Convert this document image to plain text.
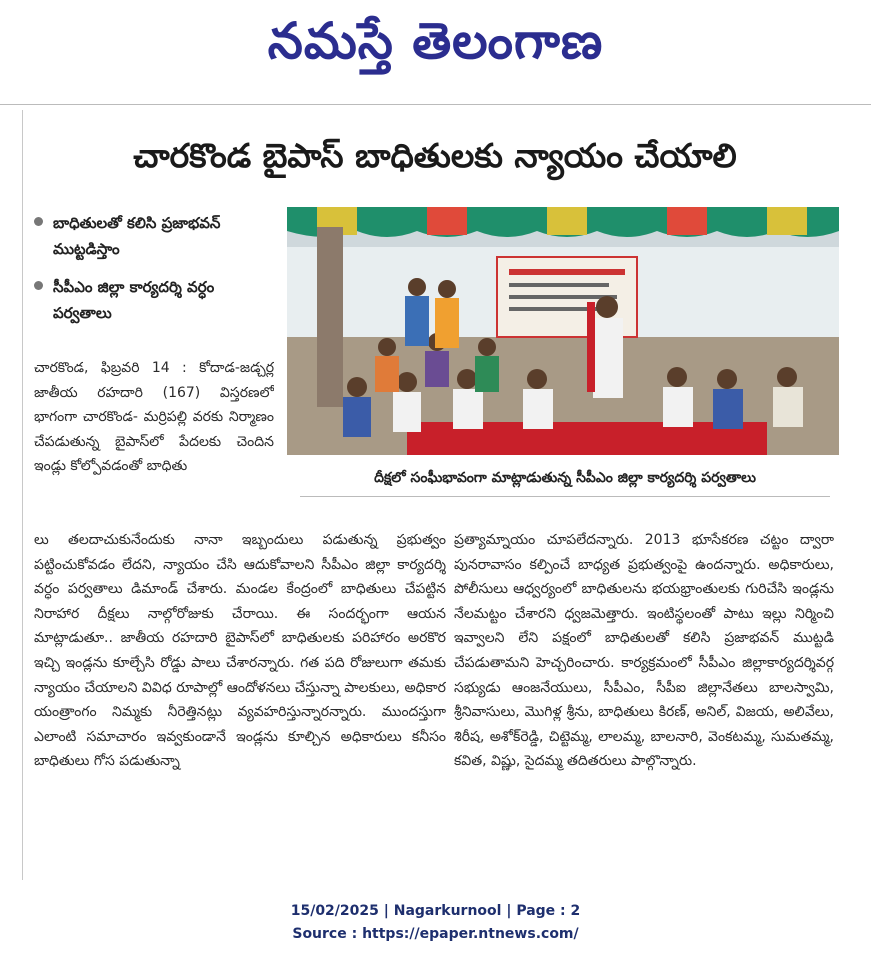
నమస్తే తెలంగాణ
చారకొండ బైపాస్ బాధితులకు న్యాయం చేయాలి
బాధితులతో కలిసి ప్రజాభవన్ ముట్టడిస్తాం
సీపీఎం జిల్లా కార్యదర్శి వర్ధం పర్వతాలు
చారకొండ, ఫిబ్రవరి 14 : కోదాడ-జడ్చర్ల జాతీయ రహదారి (167) విస్తరణలో భాగంగా చారకొండ- మర్రిపల్లి వరకు నిర్మాణం చేపడుతున్న బైపాస్‌లో పేదలకు చెందిన ఇండ్లు కోల్పోవడంతో బాధితు
లు తలదాచుకునేందుకు నానా ఇబ్బందులు పడుతున్న ప్రభుత్వం పట్టించుకోవడం లేదని, న్యాయం చేసి ఆదుకోవాలని సీపీఎం జిల్లా కార్యదర్శి వర్ధం పర్వతాలు డిమాండ్ చేశారు. మండల కేంద్రంలో బాధితులు చేపట్టిన నిరాహార దీక్షలు నాల్గోరోజుకు చేరాయి. ఈ సందర్భంగా ఆయన మాట్లాడుతూ.. జాతీయ రహదారి బైపాస్‌లో బాధితులకు పరిహారం అరకొర ఇచ్చి ఇండ్లను కూల్చేసి రోడ్డు పాలు చేశారన్నారు. గత పది రోజులుగా తమకు న్యాయం చేయాలని వివిధ రూపాల్లో ఆందోళనలు చేస్తున్నా పాలకులు, అధికార యంత్రాంగం నిమ్మకు నీరెత్తినట్లు వ్యవహరిస్తున్నారన్నారు. ముందస్తుగా ఎలాంటి సమాచారం ఇవ్వకుండానే ఇండ్లను కూల్చిన అధికారులు కనీసం బాధితులు గోస పడుతున్నా
ప్రత్యామ్నాయం చూపలేదన్నారు. 2013 భూసేకరణ చట్టం ద్వారా పునరావాసం కల్పించే బాధ్యత ప్రభుత్వంపై ఉందన్నారు. అధికారులు, పోలీసులు ఆధ్వర్యంలో బాధితులను భయభ్రాంతులకు గురిచేసి ఇండ్లను నేలమట్టం చేశారని ధ్వజమెత్తారు. ఇంటిస్థలంతో పాటు ఇల్లు నిర్మించి ఇవ్వాలని లేని పక్షంలో బాధితులతో కలిసి ప్రజాభవన్ ముట్టడి చేపడుతామని హెచ్చరించారు. కార్యక్రమంలో సీపీఎం జిల్లాకార్యదర్శివర్గ సభ్యుడు ఆంజనేయులు, సీపీఎం, సీపీఐ జిల్లానేతలు బాలస్వామి, శ్రీనివాసులు, మొగిళ్ల శ్రీను, బాధితులు కిరణ్, అనిల్, విజయ, అలివేలు, శిరీష, అశోక్‌రెడ్డి, చిట్టెమ్మ, లాలమ్మ, బాలనారి, వెంకటమ్మ, సుమతమ్మ, కవిత, విష్ణు, సైదమ్మ తదితరులు పాల్గొన్నారు.
దీక్షలో సంఘీభావంగా మాట్లాడుతున్న సీపీఎం జిల్లా కార్యదర్శి పర్వతాలు
15/02/2025 | Nagarkurnool | Page : 2
Source : https://epaper.ntnews.com/
